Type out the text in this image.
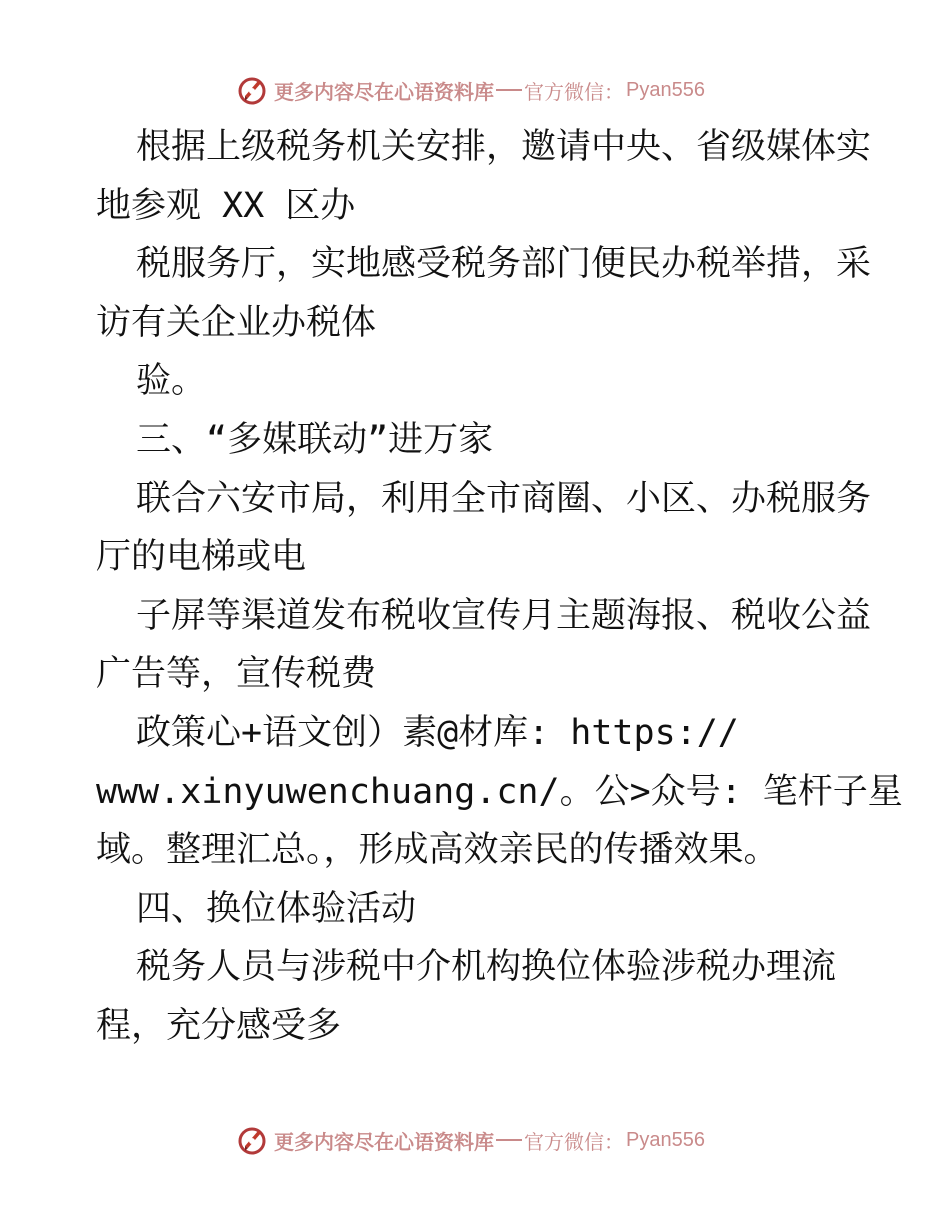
更多内容尽在心语资料库 官方微信： Pyan556
根据上级税务机关安排，邀请中央、省级媒体实
地参观 XX 区办
税服务厅，实地感受税务部门便民办税举措，采
访有关企业办税体
验。
三、“多媒联动”进万家
联合六安市局，利用全市商圈、小区、办税服务
厅的电梯或电
子屏等渠道发布税收宣传月主题海报、税收公益
广告等，宣传税费
政策心+语文创）素@材库: https://
www.xinyuwenchuang.cn/。公>众号: 笔杆子星
域。整理汇总。，形成高效亲民的传播效果。
四、换位体验活动
税务人员与涉税中介机构换位体验涉税办理流
程，充分感受多
更多内容尽在心语资料库 官方微信： Pyan556
